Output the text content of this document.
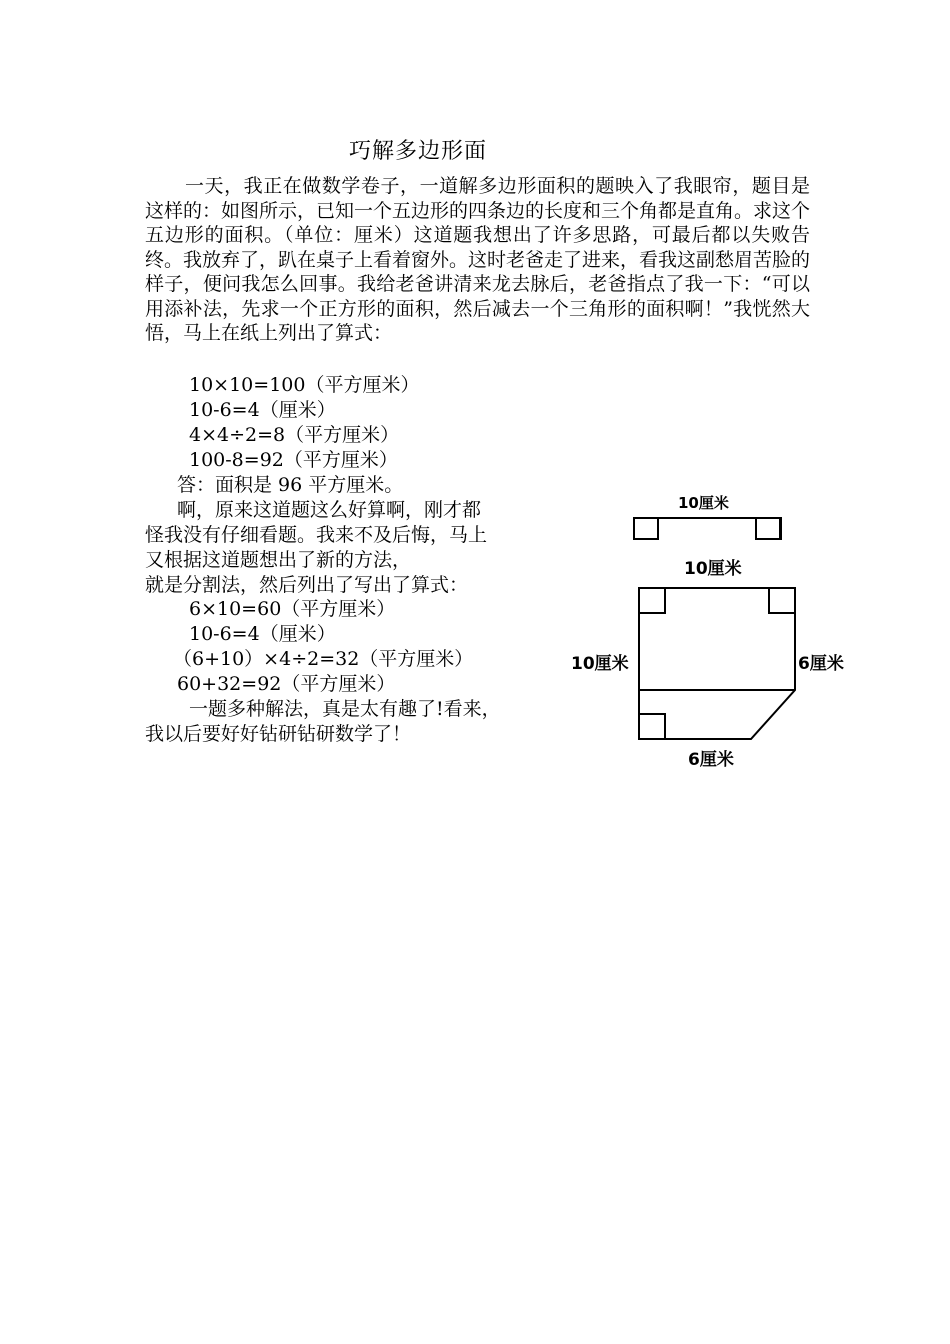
巧解多边形面
一天，我正在做数学卷子，一道解多边形面积的题映入了我眼帘，题目是这样的：如图所示，已知一个五边形的四条边的长度和三个角都是直角。求这个五边形的面积。（单位：厘米）这道题我想出了许多思路，可最后都以失败告终。我放弃了，趴在桌子上看着窗外。这时老爸走了进来，看我这副愁眉苦脸的样子，便问我怎么回事。我给老爸讲清来龙去脉后，老爸指点了我一下：“可以用添补法，先求一个正方形的面积，然后减去一个三角形的面积啊！”我恍然大悟，马上在纸上列出了算式：
10×10=100（平方厘米）
10-6=4（厘米）
4×4÷2=8（平方厘米）
100-8=92（平方厘米）
答：面积是 96 平方厘米。
啊，原来这道题这么好算啊，刚才都
怪我没有仔细看题。我来不及后悔，马上
又根据这道题想出了新的方法，
就是分割法，然后列出了写出了算式：
6×10=60（平方厘米）
10-6=4（厘米）
（6+10）×4÷2=32（平方厘米）
60+32=92（平方厘米）
一题多种解法，真是太有趣了!看来，
我以后要好好钻研钻研数学了！
10厘米
10厘米
10厘米	6厘米
6厘米
